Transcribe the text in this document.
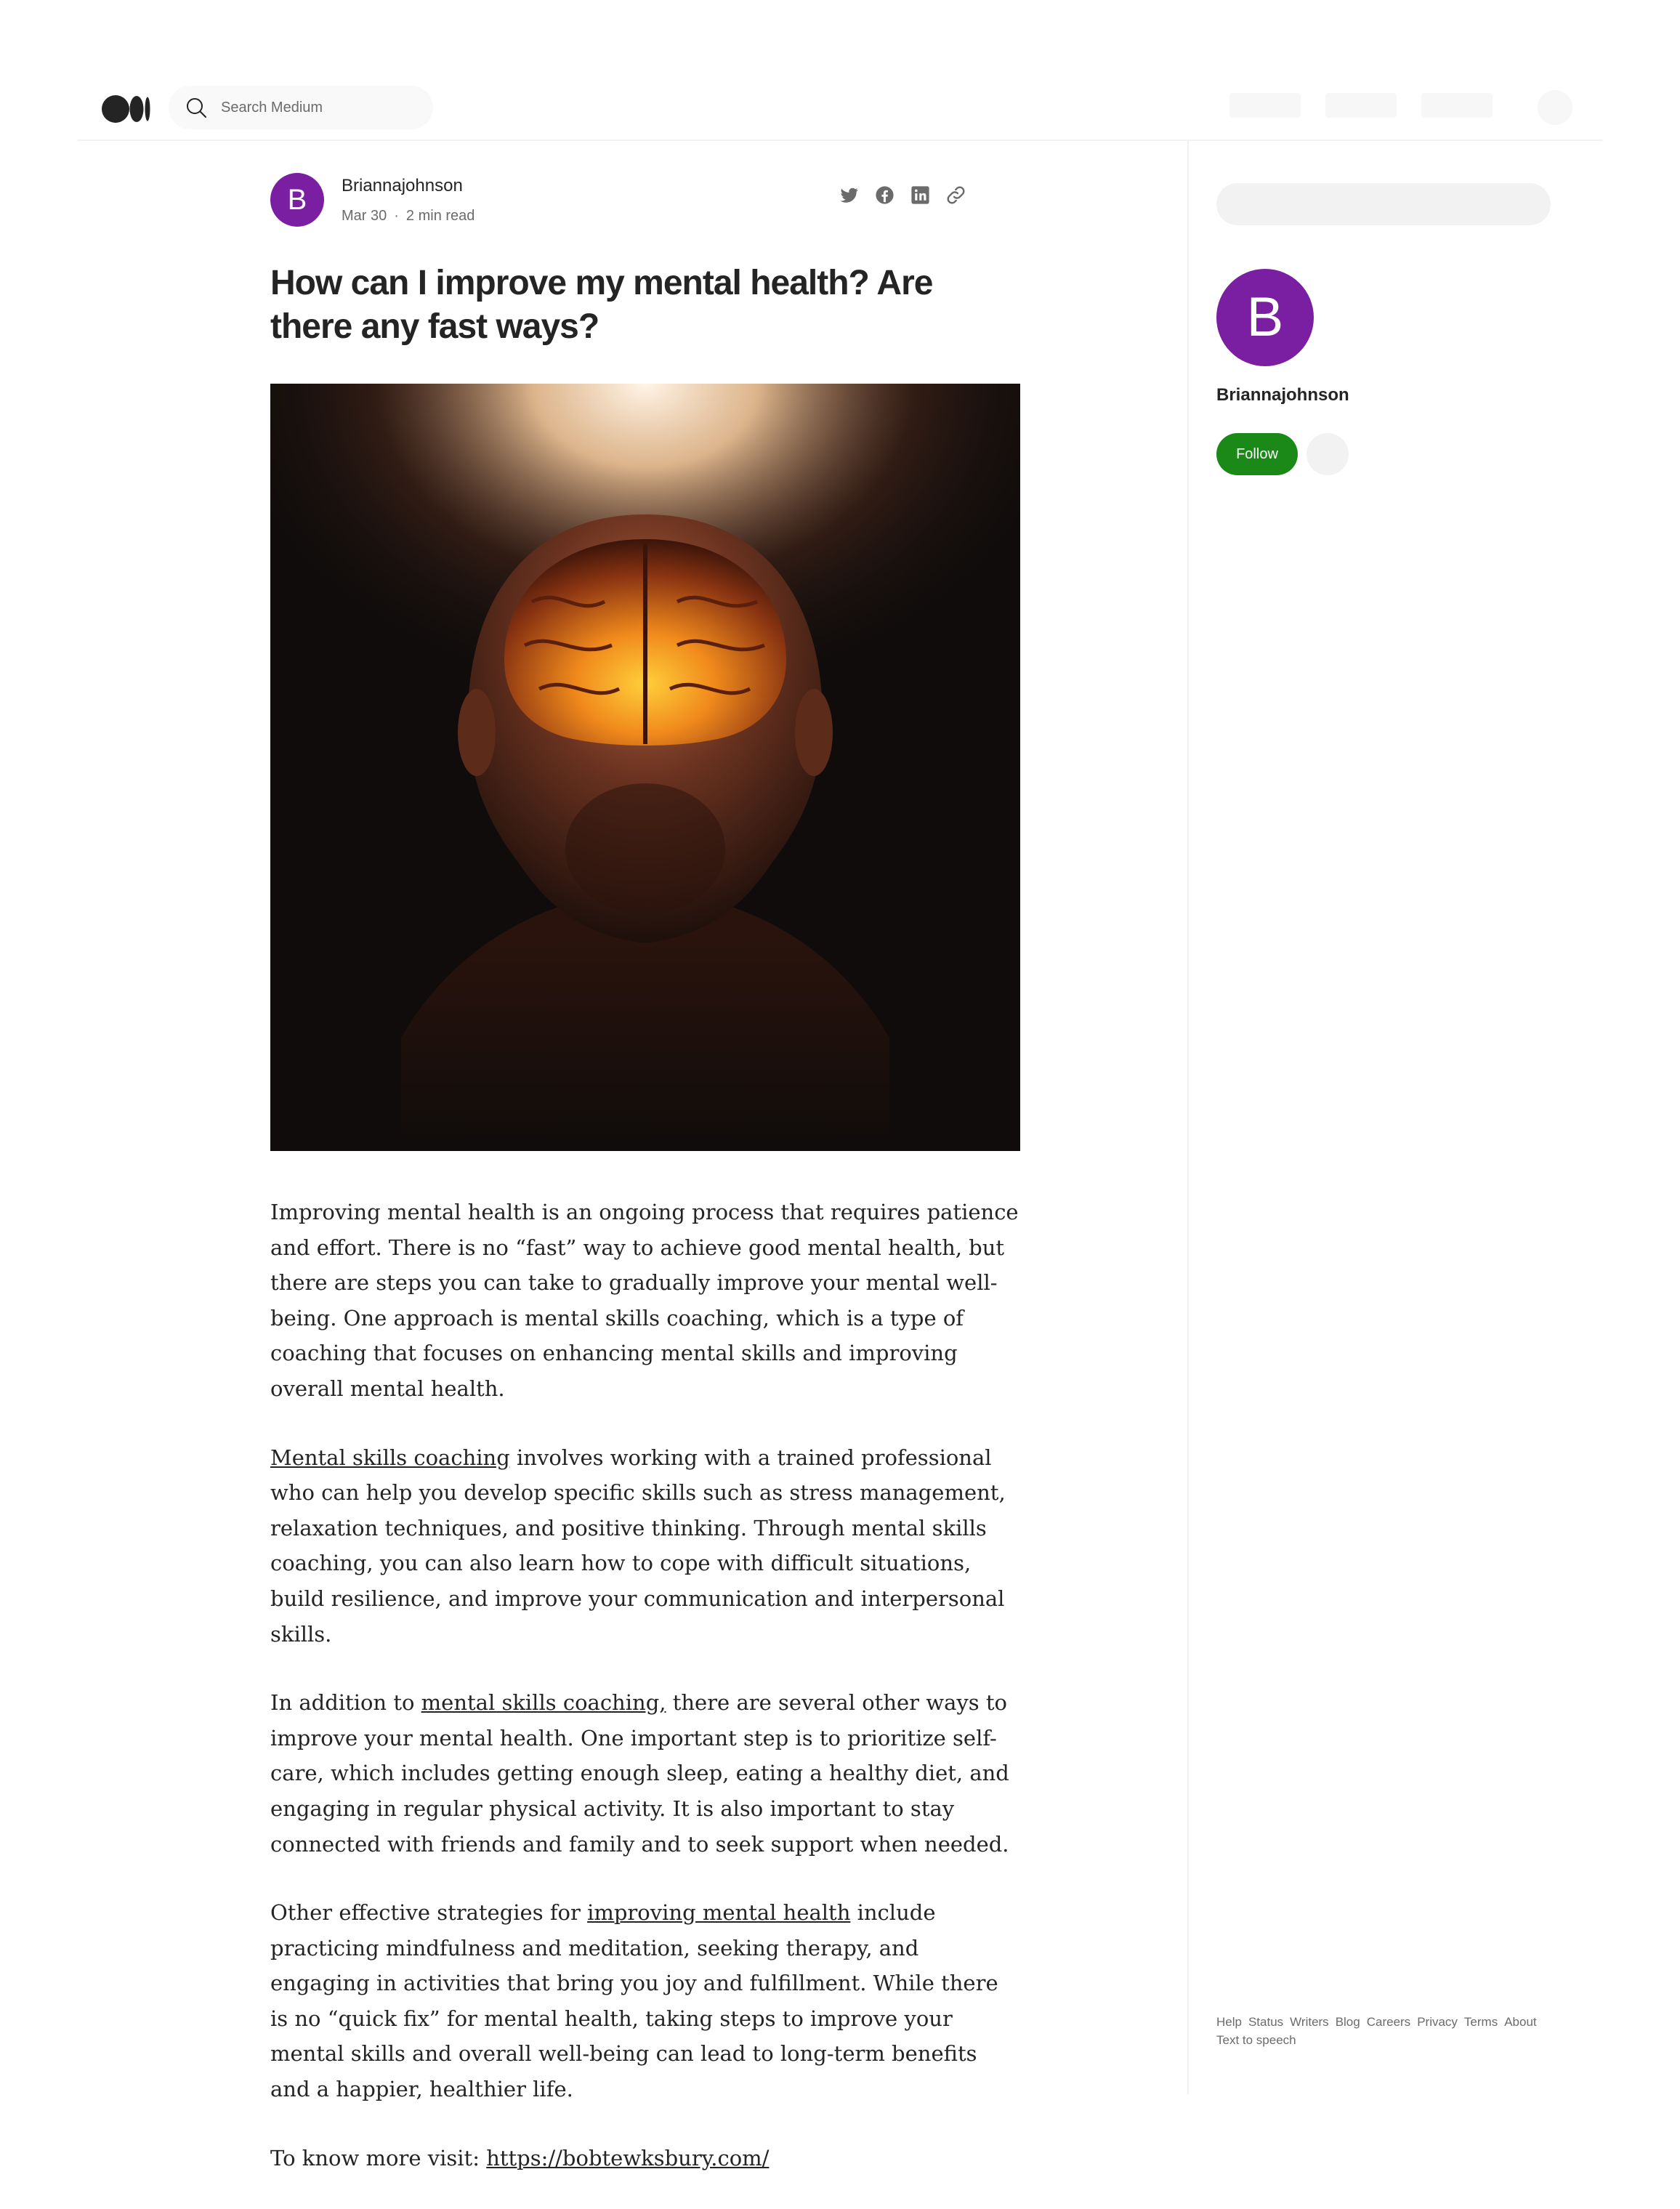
Search Medium
B	Briannajohnson
Mar 30 · 2 min read
How can I improve my mental health? Are there any fast ways?

Improving mental health is an ongoing process that requires patience and effort. There is no “fast” way to achieve good mental health, but there are steps you can take to gradually improve your mental well-being. One approach is mental skills coaching, which is a type of coaching that focuses on enhancing mental skills and improving overall mental health.

Mental skills coaching involves working with a trained professional who can help you develop specific skills such as stress management, relaxation techniques, and positive thinking. Through mental skills coaching, you can also learn how to cope with difficult situations, build resilience, and improve your communication and interpersonal skills.

In addition to mental skills coaching, there are several other ways to improve your mental health. One important step is to prioritize self-care, which includes getting enough sleep, eating a healthy diet, and engaging in regular physical activity. It is also important to stay connected with friends and family and to seek support when needed.

Other effective strategies for improving mental health include practicing mindfulness and meditation, seeking therapy, and engaging in activities that bring you joy and fulfillment. While there is no “quick fix” for mental health, taking steps to improve your mental skills and overall well-being can lead to long-term benefits and a happier, healthier life.

To know more visit: https://bobtewksbury.com/

B
Briannajohnson
Follow
Help Status Writers Blog Careers Privacy Terms About
Text to speech
